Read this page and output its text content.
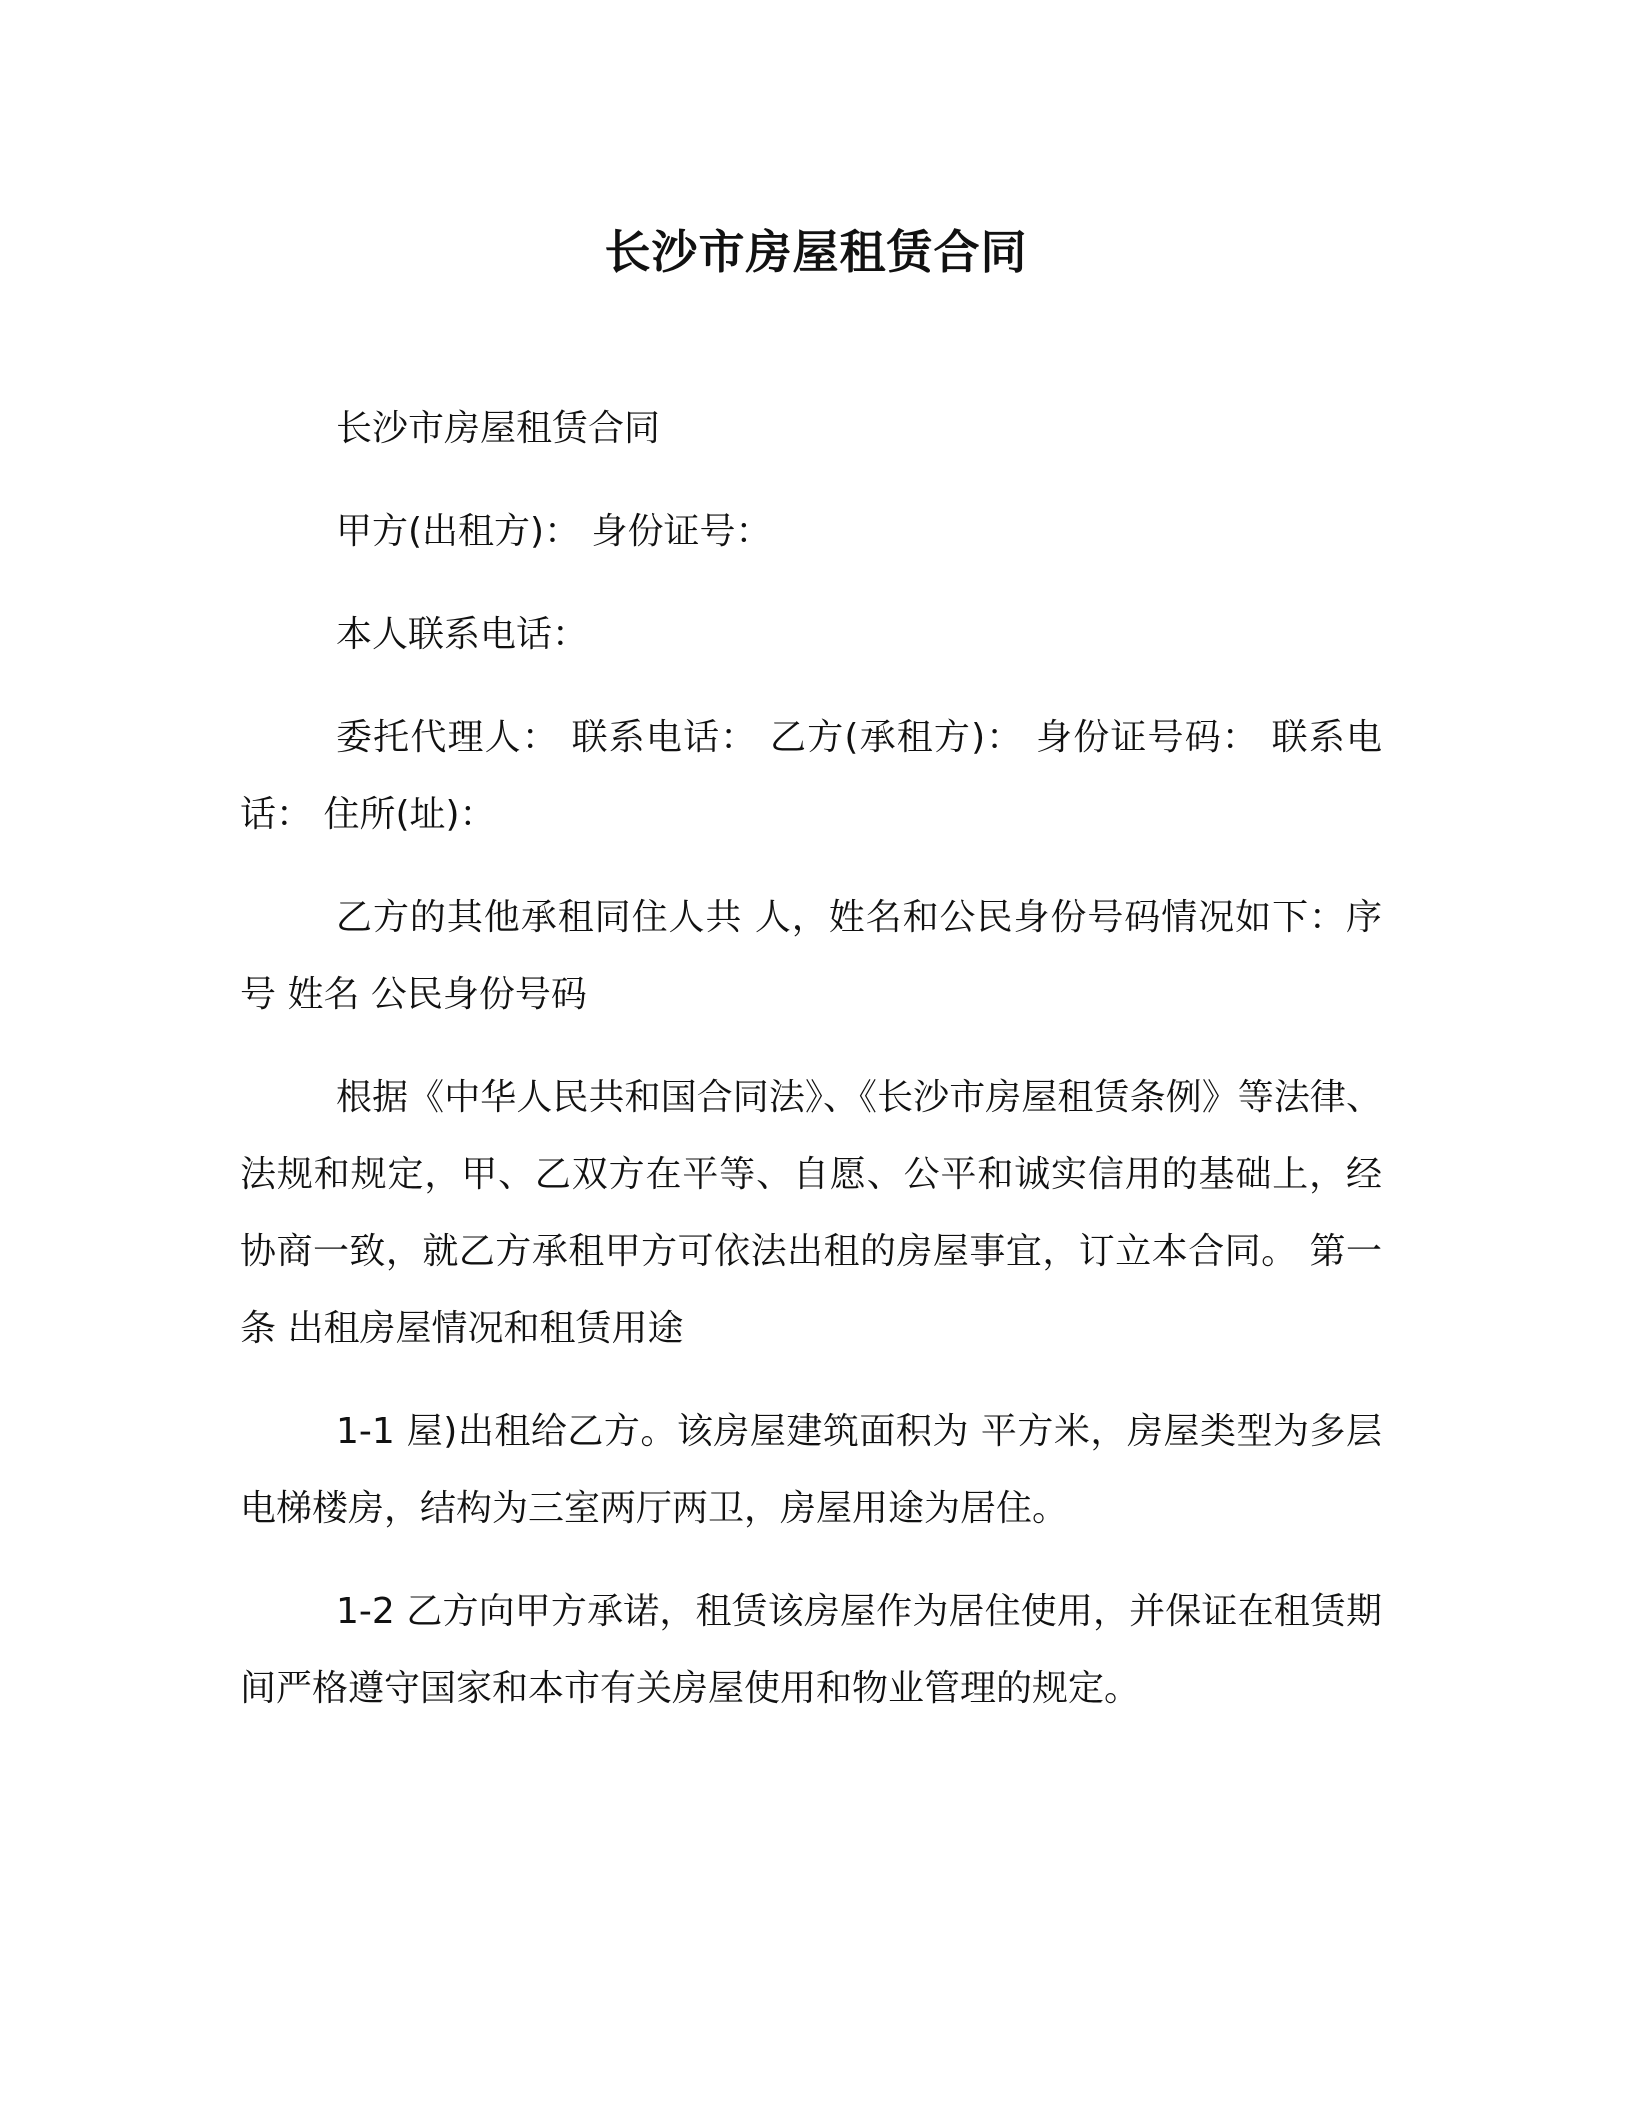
长沙市房屋租赁合同

长沙市房屋租赁合同

甲方(出租方)： 身份证号：

本人联系电话：

委托代理人： 联系电话： 乙方(承租方)： 身份证号码： 联系电话： 住所(址)：

乙方的其他承租同住人共 人，姓名和公民身份号码情况如下：序号 姓名 公民身份号码

根据《中华人民共和国合同法》、《长沙市房屋租赁条例》等法律、法规和规定，甲、乙双方在平等、自愿、公平和诚实信用的基础上，经协商一致，就乙方承租甲方可依法出租的房屋事宜，订立本合同。 第一条 出租房屋情况和租赁用途

1-1 屋)出租给乙方。该房屋建筑面积为 平方米，房屋类型为多层电梯楼房，结构为三室两厅两卫，房屋用途为居住。

1-2 乙方向甲方承诺，租赁该房屋作为居住使用，并保证在租赁期间严格遵守国家和本市有关房屋使用和物业管理的规定。
